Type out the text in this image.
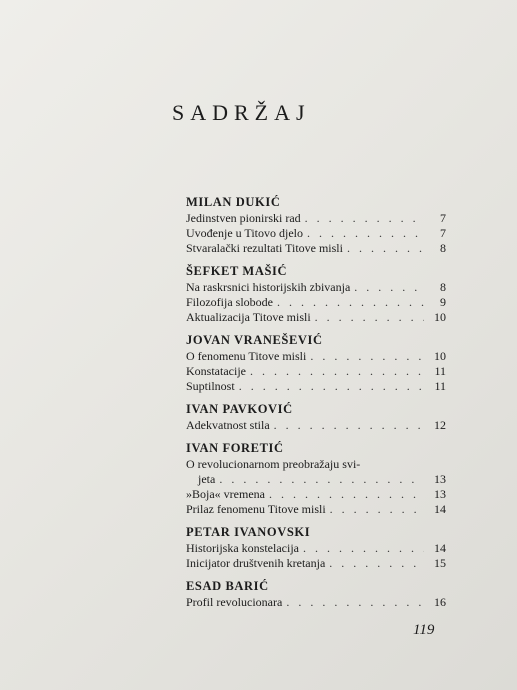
SADRŽAJ
MILAN DUKIĆ
Jedinstven pionirski rad . . .	7
Uvođenje u Titovo djelo . . .	7
Stvaralački rezultati Titove misli . . .	8
ŠEFKET MAŠIĆ
Na raskrsnici historijskih zbivanja . . .	8
Filozofija slobode . . .	9
Aktualizacija Titove misli . . .	10
JOVAN VRANEŠEVIĆ
O fenomenu Titove misli . . .	10
Konstatacije . . .	11
Suptilnost . . .	11
IVAN PAVKOVIĆ
Adekvatnost stila . . .	12
IVAN FORETIĆ
O revolucionarnom preobražaju svi-
jeta . . .	13
»Boja« vremena . . .	13
Prilaz fenomenu Titove misli . . .	14
PETAR IVANOVSKI
Historijska konstelacija . . .	14
Inicijator društvenih kretanja . . .	15
ESAD BARIĆ
Profil revolucionara . . .	16
119
